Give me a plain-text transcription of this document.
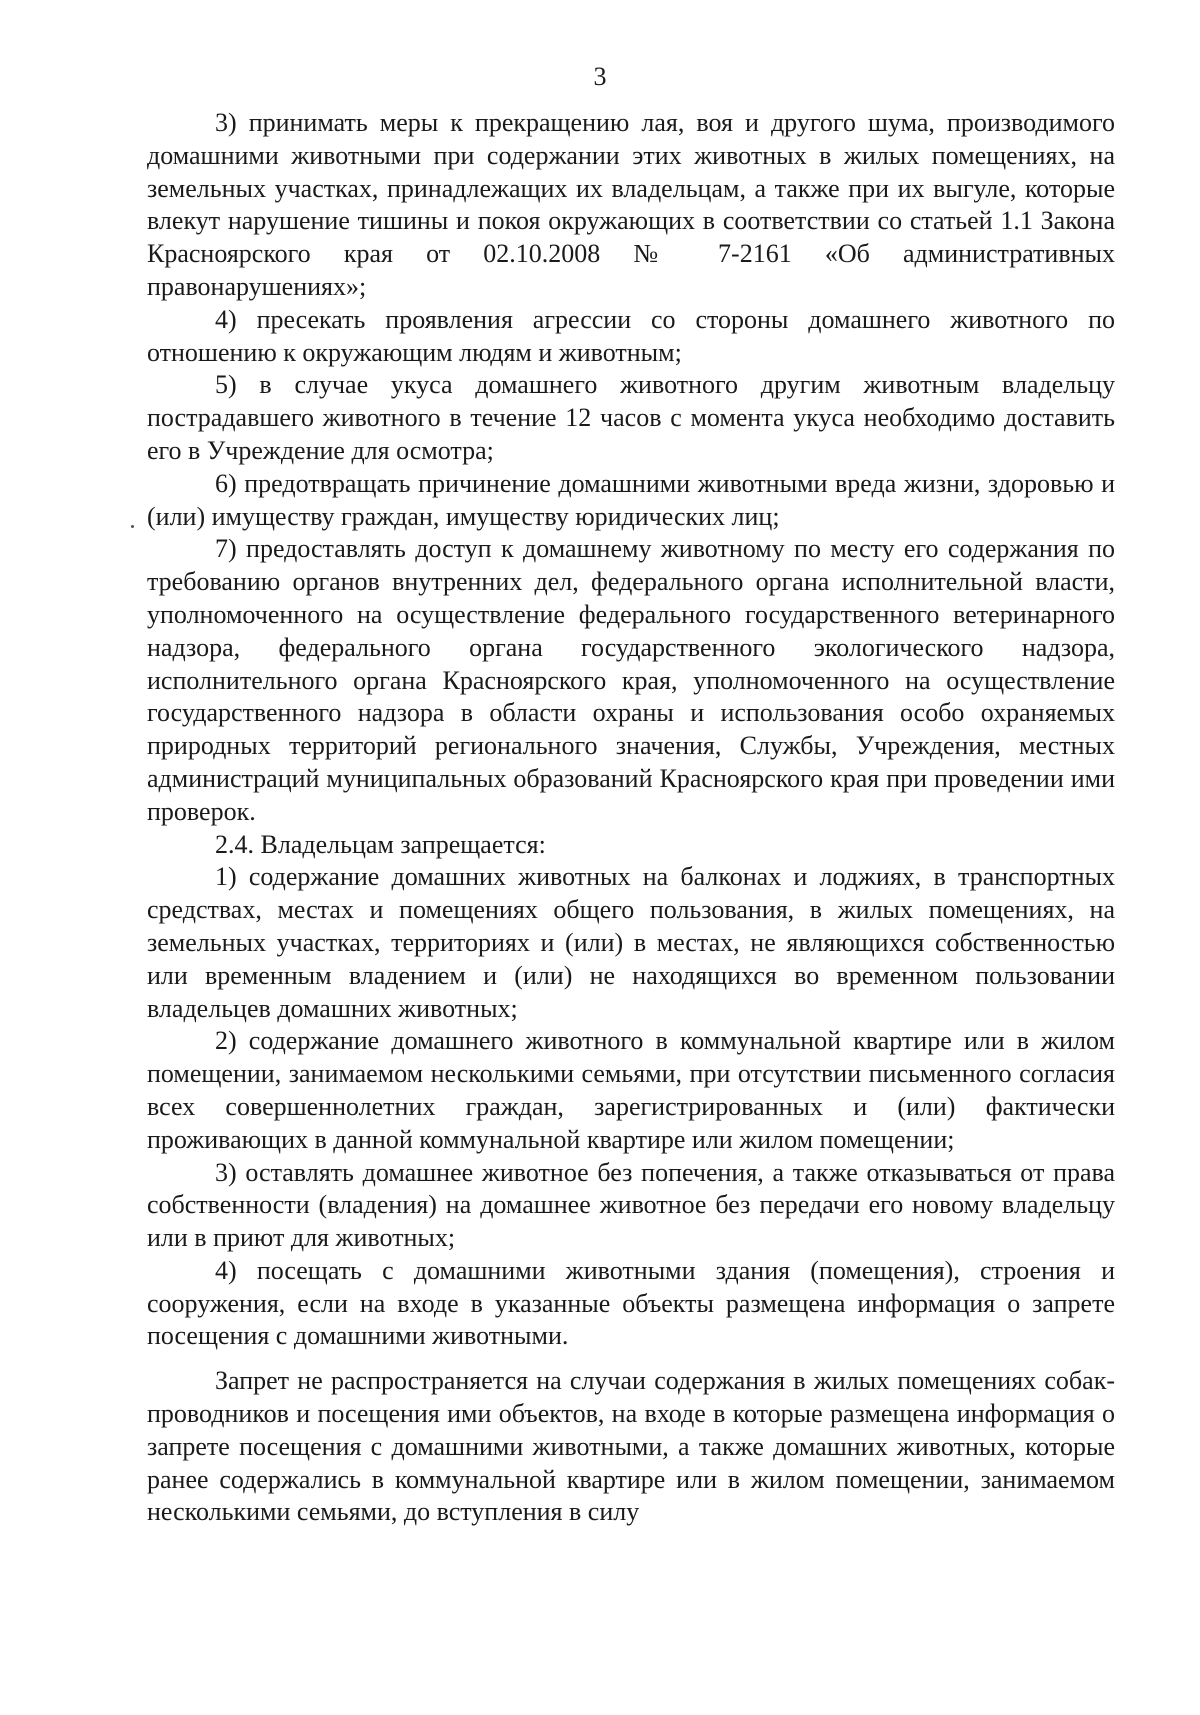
3

3) принимать меры к прекращению лая, воя и другого шума, производимого домашними животными при содержании этих животных в жилых помещениях, на земельных участках, принадлежащих их владельцам, а также при их выгуле, которые влекут нарушение тишины и покоя окружающих в соответствии со статьей 1.1 Закона Красноярского края от 02.10.2008 № 7-2161 «Об административных правонарушениях»;

4) пресекать проявления агрессии со стороны домашнего животного по отношению к окружающим людям и животным;

5) в случае укуса домашнего животного другим животным владельцу пострадавшего животного в течение 12 часов с момента укуса необходимо доставить его в Учреждение для осмотра;

6) предотвращать причинение домашними животными вреда жизни, здоровью и (или) имуществу граждан, имуществу юридических лиц;

7) предоставлять доступ к домашнему животному по месту его содержания по требованию органов внутренних дел, федерального органа исполнительной власти, уполномоченного на осуществление федерального государственного ветеринарного надзора, федерального органа государственного экологического надзора, исполнительного органа Красноярского края, уполномоченного на осуществление государственного надзора в области охраны и использования особо охраняемых природных территорий регионального значения, Службы, Учреждения, местных администраций муниципальных образований Красноярского края при проведении ими проверок.

2.4. Владельцам запрещается:

1) содержание домашних животных на балконах и лоджиях, в транспортных средствах, местах и помещениях общего пользования, в жилых помещениях, на земельных участках, территориях и (или) в местах, не являющихся собственностью или временным владением и (или) не находящихся во временном пользовании владельцев домашних животных;

2) содержание домашнего животного в коммунальной квартире или в жилом помещении, занимаемом несколькими семьями, при отсутствии письменного согласия всех совершеннолетних граждан, зарегистрированных и (или) фактически проживающих в данной коммунальной квартире или жилом помещении;

3) оставлять домашнее животное без попечения, а также отказываться от права собственности (владения) на домашнее животное без передачи его новому владельцу или в приют для животных;

4) посещать с домашними животными здания (помещения), строения и сооружения, если на входе в указанные объекты размещена информация о запрете посещения с домашними животными.

Запрет не распространяется на случаи содержания в жилых помещениях собак-проводников и посещения ими объектов, на входе в которые размещена информация о запрете посещения с домашними животными, а также домашних животных, которые ранее содержались в коммунальной квартире или в жилом помещении, занимаемом несколькими семьями, до вступления в силу
